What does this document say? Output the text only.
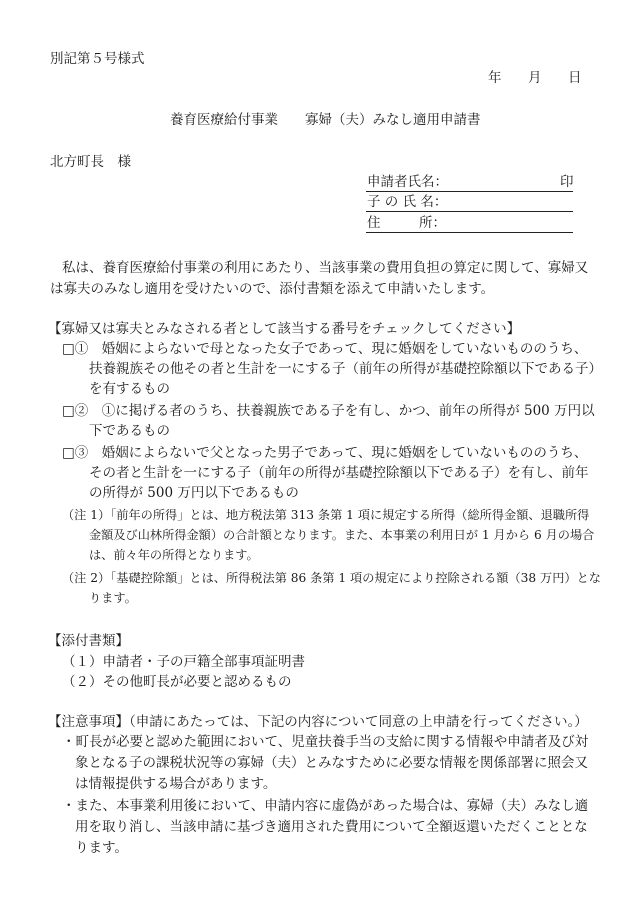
別記第５号様式
年 月 日
養育医療給付事業　　寡婦（夫）みなし適用申請書
北方町長　様
申請者氏名：	印
子 の 氏 名：
住	所：
私は、養育医療給付事業の利用にあたり、当該事業の費用負担の算定に関して、寡婦又
は寡夫のみなし適用を受けたいので、添付書類を添えて申請いたします。
【寡婦又は寡夫とみなされる者として該当する番号をチェックしてください】
□①　婚姻によらないで母となった女子であって、現に婚姻をしていないもののうち、
扶養親族その他その者と生計を一にする子（前年の所得が基礎控除額以下である子）
を有するもの
□②　①に掲げる者のうち、扶養親族である子を有し、かつ、前年の所得が 500 万円以
下であるもの
□③　婚姻によらないで父となった男子であって、現に婚姻をしていないもののうち、
その者と生計を一にする子（前年の所得が基礎控除額以下である子）を有し、前年
の所得が 500 万円以下であるもの
（注 1）「前年の所得」とは、地方税法第 313 条第 1 項に規定する所得（総所得金額、退職所得
金額及び山林所得金額）の合計額となります。また、本事業の利用日が 1 月から 6 月の場合
は、前々年の所得となります。
（注 2）「基礎控除額」とは、所得税法第 86 条第 1 項の規定により控除される額（38 万円）とな
ります。
【添付書類】
（１）申請者・子の戸籍全部事項証明書
（２）その他町長が必要と認めるもの
【注意事項】（申請にあたっては、下記の内容について同意の上申請を行ってください。）
・町長が必要と認めた範囲において、児童扶養手当の支給に関する情報や申請者及び対
象となる子の課税状況等の寡婦（夫）とみなすために必要な情報を関係部署に照会又
は情報提供する場合があります。
・また、本事業利用後において、申請内容に虚偽があった場合は、寡婦（夫）みなし適
用を取り消し、当該申請に基づき適用された費用について全額返還いただくこととな
ります。
